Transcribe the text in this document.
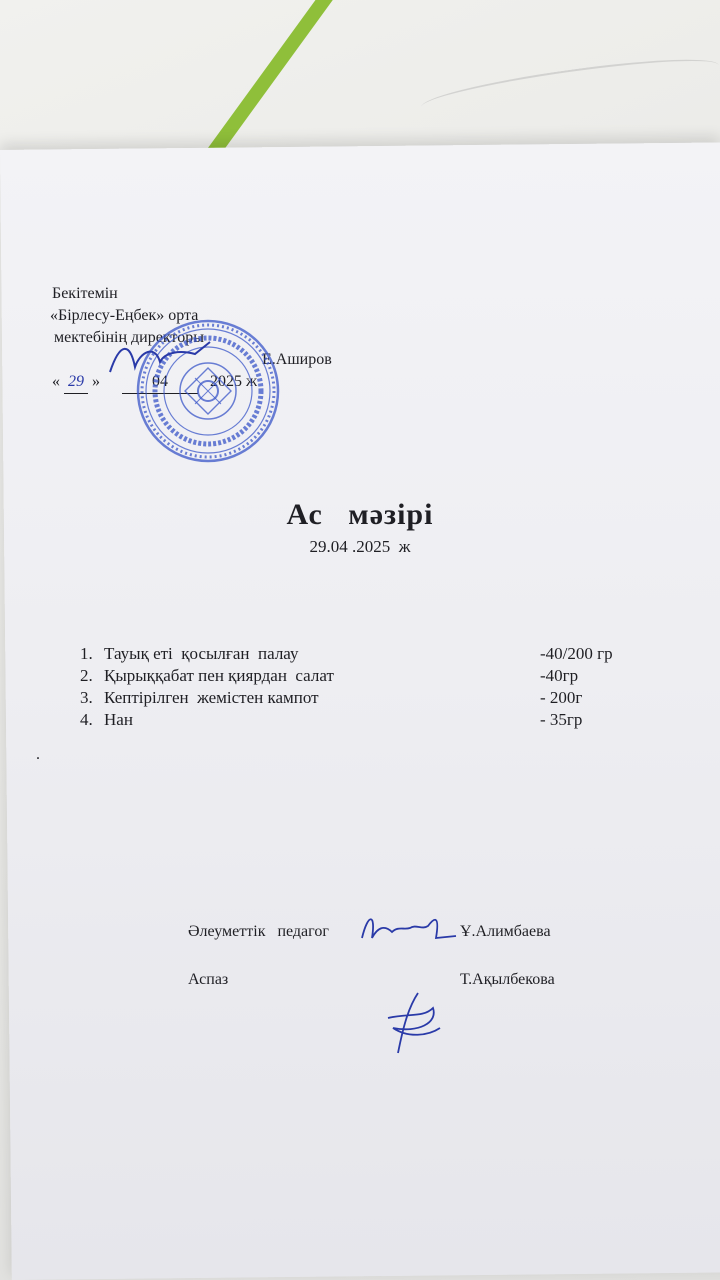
Бекітемін
«Бірлесу-Еңбек» орта
мектебінің директоры
Е.Аширов
« 29 »	04	2025 ж
Ас   мәзірі
29.04 .2025  ж
1. Тауық еті  қосылған  палау	-40/200 гр
2. Қырыққабат пен қиярдан  салат	-40гр
3. Кептірілген  жемістен кампот	- 200г
4. Нан	- 35гр
.
Әлеуметтік   педагог	Ұ.Алимбаева
Аспаз	Т.Ақылбекова
